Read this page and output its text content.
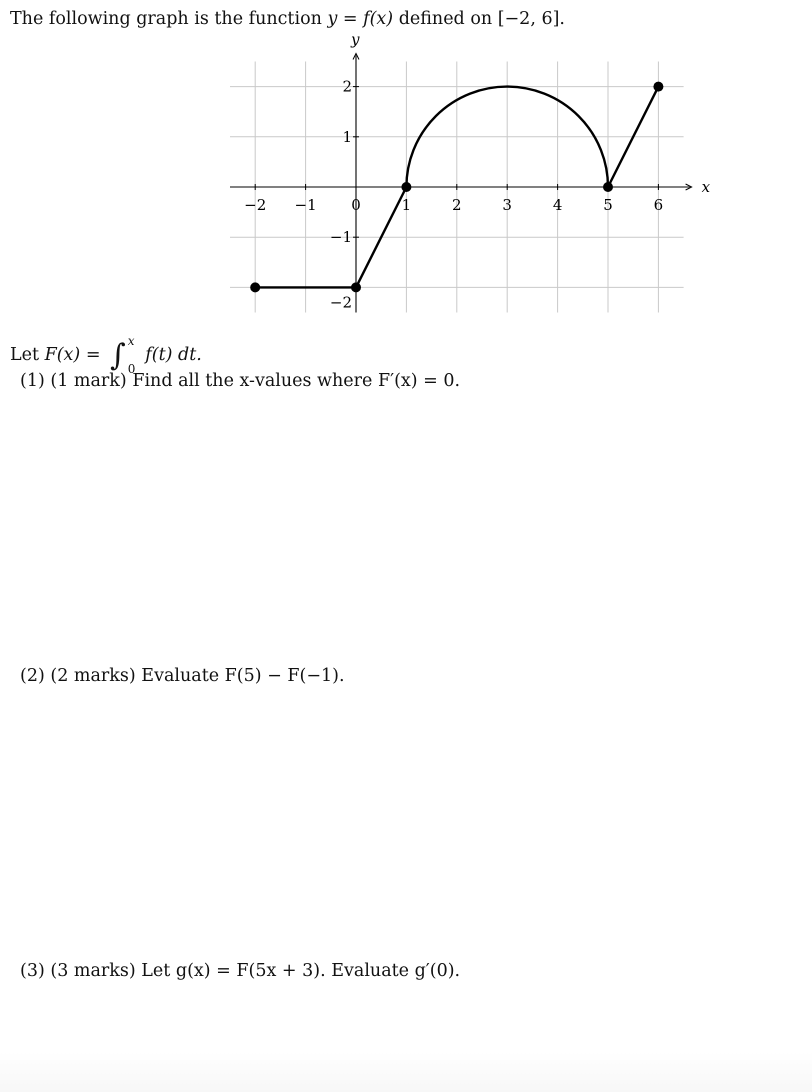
The following graph is the function y = f(x) defined on [−2, 6].
x
y
−2 −1 0	1	2	3	4	5	6
2
1
−1
−2
Let F(x) = ∫ x
0
f(t) dt.
(1) (1 mark) Find all the x-values where F′(x) = 0.
(2) (2 marks) Evaluate F(5) − F(−1).
(3) (3 marks) Let g(x) = F(5x + 3). Evaluate g′(0).
